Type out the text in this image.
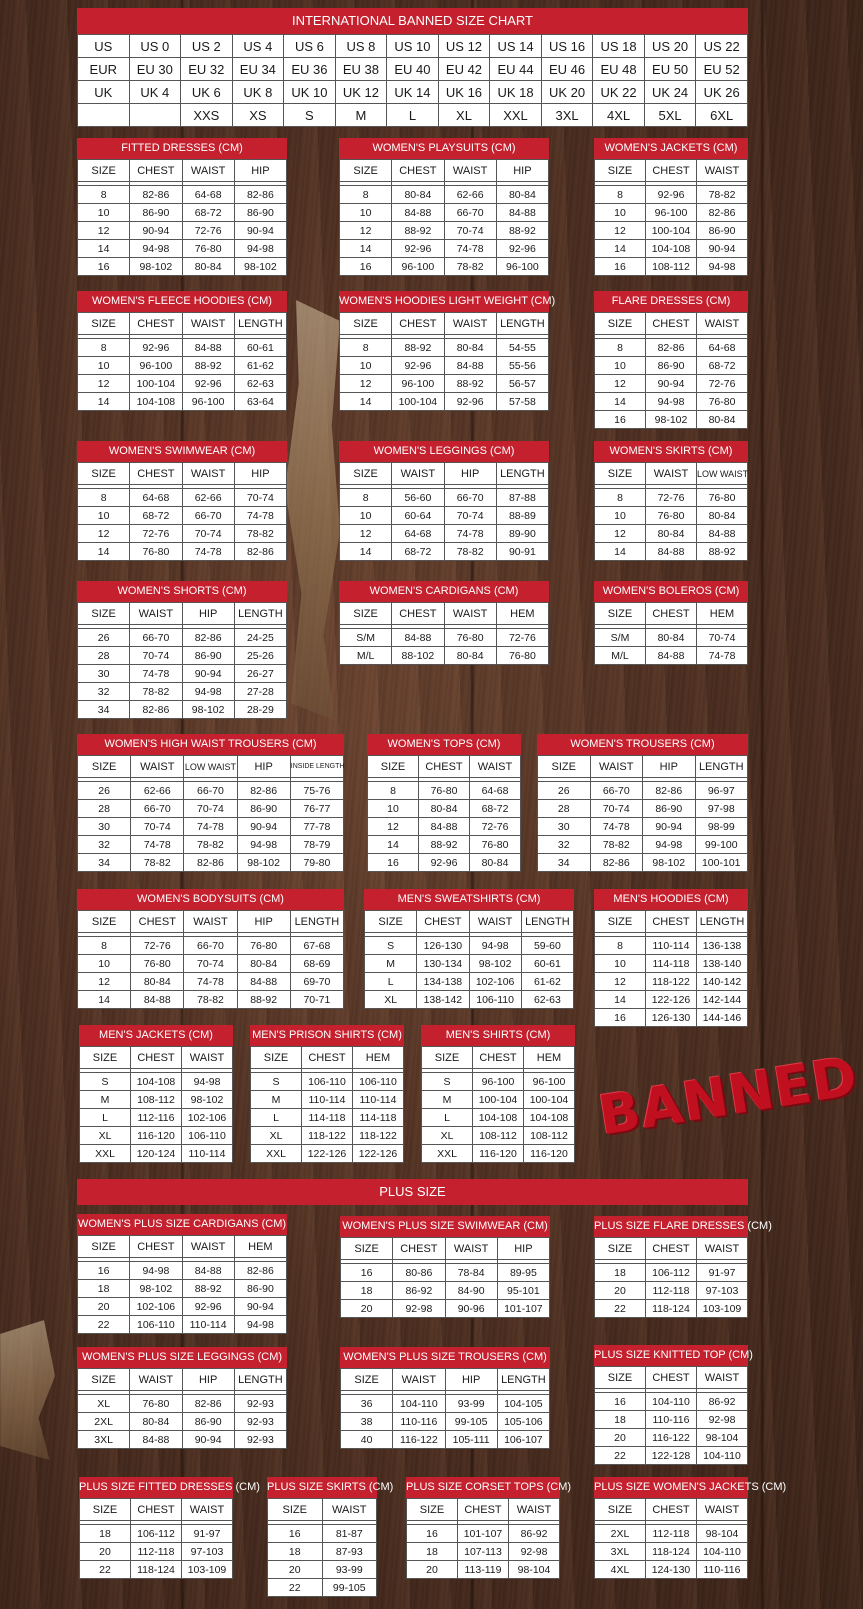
INTERNATIONAL BANNED SIZE CHART
US	US 0	US 2	US 4	US 6	US 8	US 10	US 12	US 14	US 16	US 18	US 20	US 22
EUR	EU 30	EU 32	EU 34	EU 36	EU 38	EU 40	EU 42	EU 44	EU 46	EU 48	EU 50	EU 52
UK	UK 4	UK 6	UK 8	UK 10	UK 12	UK 14	UK 16	UK 18	UK 20	UK 22	UK 24	UK 26
		XXS	XS	S	M	L	XL	XXL	3XL	4XL	5XL	6XL
FITTED DRESSES (CM)
SIZE	CHEST	WAIST	HIP

8	82-86	64-68	82-86
10	86-90	68-72	86-90
12	90-94	72-76	90-94
14	94-98	76-80	94-98
16	98-102	80-84	98-102
WOMEN'S PLAYSUITS (CM)
SIZE	CHEST	WAIST	HIP

8	80-84	62-66	80-84
10	84-88	66-70	84-88
12	88-92	70-74	88-92
14	92-96	74-78	92-96
16	96-100	78-82	96-100
WOMEN'S JACKETS (CM)
SIZE	CHEST	WAIST

8	92-96	78-82
10	96-100	82-86
12	100-104	86-90
14	104-108	90-94
16	108-112	94-98
WOMEN'S FLEECE HOODIES (CM)
SIZE	CHEST	WAIST	LENGTH

8	92-96	84-88	60-61
10	96-100	88-92	61-62
12	100-104	92-96	62-63
14	104-108	96-100	63-64
WOMEN'S HOODIES LIGHT WEIGHT (CM)
SIZE	CHEST	WAIST	LENGTH

8	88-92	80-84	54-55
10	92-96	84-88	55-56
12	96-100	88-92	56-57
14	100-104	92-96	57-58
FLARE DRESSES (CM)
SIZE	CHEST	WAIST

8	82-86	64-68
10	86-90	68-72
12	90-94	72-76
14	94-98	76-80
16	98-102	80-84
WOMEN'S SWIMWEAR (CM)
SIZE	CHEST	WAIST	HIP

8	64-68	62-66	70-74
10	68-72	66-70	74-78
12	72-76	70-74	78-82
14	76-80	74-78	82-86
WOMEN'S LEGGINGS (CM)
SIZE	WAIST	HIP	LENGTH

8	56-60	66-70	87-88
10	60-64	70-74	88-89
12	64-68	74-78	89-90
14	68-72	78-82	90-91
WOMEN'S SKIRTS (CM)
SIZE	WAIST	LOW WAIST

8	72-76	76-80
10	76-80	80-84
12	80-84	84-88
14	84-88	88-92
WOMEN'S SHORTS (CM)
SIZE	WAIST	HIP	LENGTH

26	66-70	82-86	24-25
28	70-74	86-90	25-26
30	74-78	90-94	26-27
32	78-82	94-98	27-28
34	82-86	98-102	28-29
WOMEN'S CARDIGANS (CM)
SIZE	CHEST	WAIST	HEM

S/M	84-88	76-80	72-76
M/L	88-102	80-84	76-80
WOMEN'S BOLEROS (CM)
SIZE	CHEST	HEM

S/M	80-84	70-74
M/L	84-88	74-78
WOMEN'S HIGH WAIST TROUSERS (CM)
SIZE	WAIST	LOW WAIST	HIP	INSIDE LENGTH

26	62-66	66-70	82-86	75-76
28	66-70	70-74	86-90	76-77
30	70-74	74-78	90-94	77-78
32	74-78	78-82	94-98	78-79
34	78-82	82-86	98-102	79-80
WOMEN'S TOPS (CM)
SIZE	CHEST	WAIST

8	76-80	64-68
10	80-84	68-72
12	84-88	72-76
14	88-92	76-80
16	92-96	80-84
WOMEN'S TROUSERS (CM)
SIZE	WAIST	HIP	LENGTH

26	66-70	82-86	96-97
28	70-74	86-90	97-98
30	74-78	90-94	98-99
32	78-82	94-98	99-100
34	82-86	98-102	100-101
WOMEN'S BODYSUITS (CM)
SIZE	CHEST	WAIST	HIP	LENGTH

8	72-76	66-70	76-80	67-68
10	76-80	70-74	80-84	68-69
12	80-84	74-78	84-88	69-70
14	84-88	78-82	88-92	70-71
MEN'S SWEATSHIRTS (CM)
SIZE	CHEST	WAIST	LENGTH

S	126-130	94-98	59-60
M	130-134	98-102	60-61
L	134-138	102-106	61-62
XL	138-142	106-110	62-63
MEN'S HOODIES (CM)
SIZE	CHEST	LENGTH

8	110-114	136-138
10	114-118	138-140
12	118-122	140-142
14	122-126	142-144
16	126-130	144-146
MEN'S JACKETS (CM)
SIZE	CHEST	WAIST

S	104-108	94-98
M	108-112	98-102
L	112-116	102-106
XL	116-120	106-110
XXL	120-124	110-114
MEN'S PRISON SHIRTS (CM)
SIZE	CHEST	HEM

S	106-110	106-110
M	110-114	110-114
L	114-118	114-118
XL	118-122	118-122
XXL	122-126	122-126
MEN'S SHIRTS (CM)
SIZE	CHEST	HEM

S	96-100	96-100
M	100-104	100-104
L	104-108	104-108
XL	108-112	108-112
XXL	116-120	116-120
BANNED
PLUS SIZE
WOMEN'S PLUS SIZE CARDIGANS (CM)
SIZE	CHEST	WAIST	HEM

16	94-98	84-88	82-86
18	98-102	88-92	86-90
20	102-106	92-96	90-94
22	106-110	110-114	94-98
WOMEN'S PLUS SIZE SWIMWEAR (CM)
SIZE	CHEST	WAIST	HIP

16	80-86	78-84	89-95
18	86-92	84-90	95-101
20	92-98	90-96	101-107
PLUS SIZE FLARE DRESSES (CM)
SIZE	CHEST	WAIST

18	106-112	91-97
20	112-118	97-103
22	118-124	103-109
WOMEN'S PLUS SIZE LEGGINGS (CM)
SIZE	WAIST	HIP	LENGTH

XL	76-80	82-86	92-93
2XL	80-84	86-90	92-93
3XL	84-88	90-94	92-93
WOMEN'S PLUS SIZE TROUSERS (CM)
SIZE	WAIST	HIP	LENGTH

36	104-110	93-99	104-105
38	110-116	99-105	105-106
40	116-122	105-111	106-107
PLUS SIZE KNITTED TOP (CM)
SIZE	CHEST	WAIST

16	104-110	86-92
18	110-116	92-98
20	116-122	98-104
22	122-128	104-110
PLUS SIZE FITTED DRESSES (CM)
SIZE	CHEST	WAIST

18	106-112	91-97
20	112-118	97-103
22	118-124	103-109
PLUS SIZE SKIRTS (CM)
SIZE	WAIST

16	81-87
18	87-93
20	93-99
22	99-105
PLUS SIZE CORSET TOPS (CM)
SIZE	CHEST	WAIST

16	101-107	86-92
18	107-113	92-98
20	113-119	98-104
PLUS SIZE WOMEN'S JACKETS (CM)
SIZE	CHEST	WAIST

2XL	112-118	98-104
3XL	118-124	104-110
4XL	124-130	110-116
